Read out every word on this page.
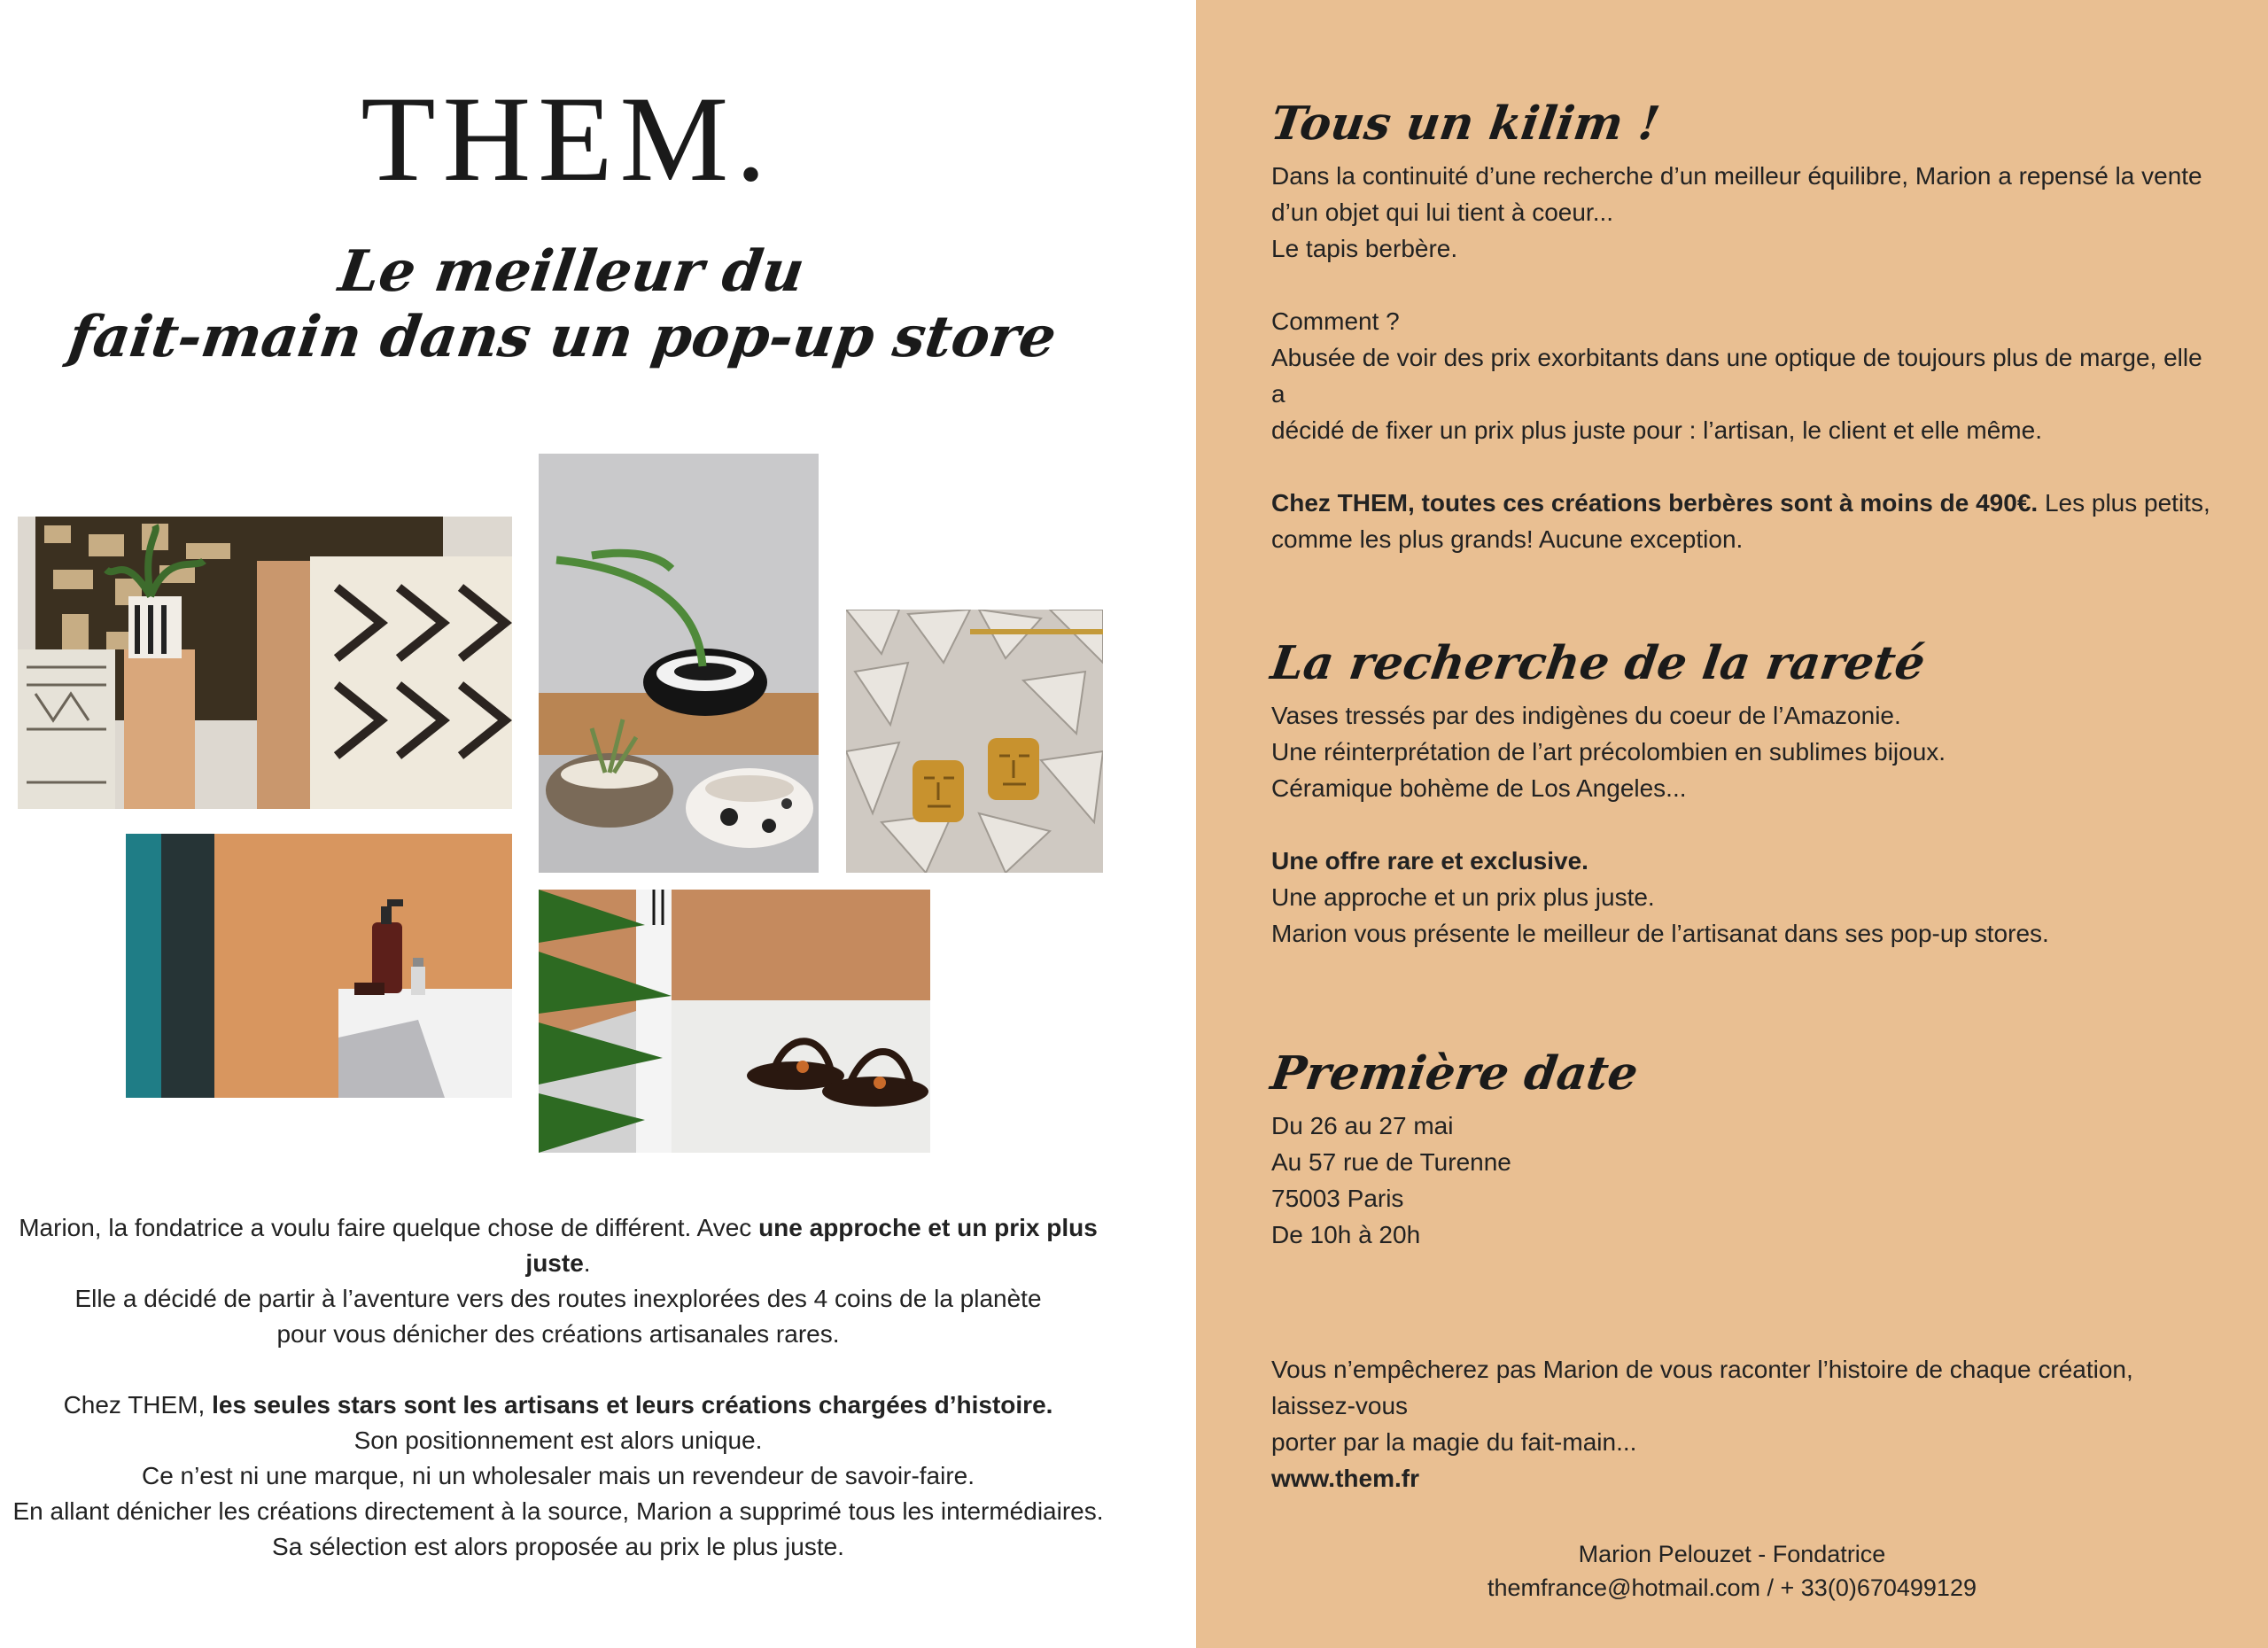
THEM.
Le meilleur du
fait-main dans un pop-up store

Marion, la fondatrice a voulu faire quelque chose de différent. Avec une approche et un prix plus juste.

Elle a décidé de partir à l’aventure vers des routes inexplorées des 4 coins de la planète

pour vous dénicher des créations artisanales rares.

Chez THEM, les seules stars sont les artisans et leurs créations chargées d’histoire.

Son positionnement est alors unique.

Ce n’est ni une marque, ni un wholesaler mais un revendeur de savoir-faire.

En allant dénicher les créations directement à la source, Marion a supprimé tous les intermédiaires.

Sa sélection est alors proposée au prix le plus juste.

Tous un kilim !

Dans la continuité d’une recherche d’un meilleur équilibre, Marion a repensé la vente

d’un objet qui lui tient à coeur...

Le tapis berbère.

Comment ?

Abusée de voir des prix exorbitants dans une optique de toujours plus de marge, elle a

décidé de fixer un prix plus juste pour : l’artisan, le client et elle même.

Chez THEM, toutes ces créations berbères sont à moins de 490€. Les plus petits,

comme les plus grands! Aucune exception.

La recherche de la rareté

Vases tressés par des indigènes du coeur de l’Amazonie.

Une réinterprétation de l’art précolombien en sublimes bijoux.

Céramique bohème de Los Angeles...

Une offre rare et exclusive.

Une approche et un prix plus juste.

Marion vous présente le meilleur de l’artisanat dans ses pop-up stores.

Première date

Du 26 au 27 mai

Au 57 rue de Turenne

75003 Paris

De 10h à 20h

Vous n’empêcherez pas Marion de vous raconter l’histoire de chaque création, laissez-vous

porter par la magie du fait-main...

www.them.fr

Marion Pelouzet - Fondatrice

themfrance@hotmail.com / + 33(0)670499129
